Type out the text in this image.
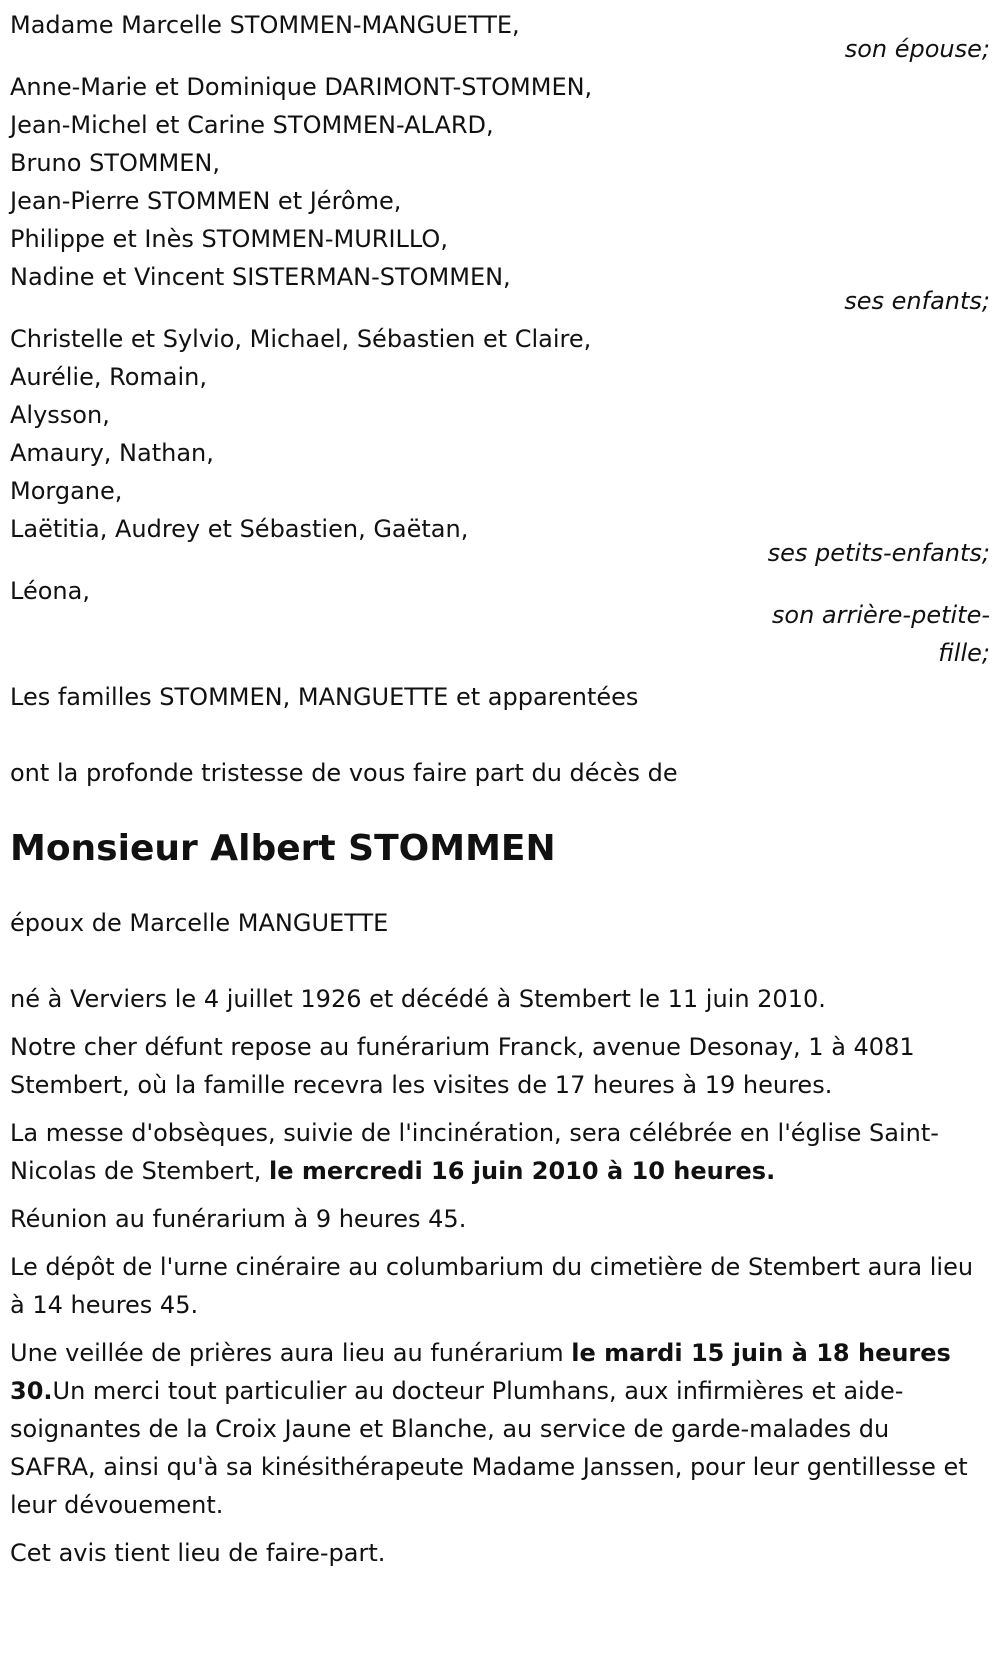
Madame Marcelle STOMMEN-MANGUETTE,
son épouse;
Anne-Marie et Dominique DARIMONT-STOMMEN,
Jean-Michel et Carine STOMMEN-ALARD,
Bruno STOMMEN,
Jean-Pierre STOMMEN et Jérôme,
Philippe et Inès STOMMEN-MURILLO,
Nadine et Vincent SISTERMAN-STOMMEN,
ses enfants;
Christelle et Sylvio, Michael, Sébastien et Claire,
Aurélie, Romain,
Alysson,
Amaury, Nathan,
Morgane,
Laëtitia, Audrey et Sébastien, Gaëtan,
ses petits-enfants;
Léona,
son arrière-petite-
fille;
Les familles STOMMEN, MANGUETTE et apparentées
ont la profonde tristesse de vous faire part du décès de
Monsieur Albert STOMMEN
époux de Marcelle MANGUETTE
né à Verviers le 4 juillet 1926 et décédé à Stembert le 11 juin 2010.
Notre cher défunt repose au funérarium Franck, avenue Desonay, 1 à 4081 Stembert, où la famille recevra les visites de 17 heures à 19 heures.
La messe d'obsèques, suivie de l'incinération, sera célébrée en l'église Saint-Nicolas de Stembert, le mercredi 16 juin 2010 à 10 heures.
Réunion au funérarium à 9 heures 45.
Le dépôt de l'urne cinéraire au columbarium du cimetière de Stembert aura lieu à 14 heures 45.
Une veillée de prières aura lieu au funérarium le mardi 15 juin à 18 heures 30.Un merci tout particulier au docteur Plumhans, aux infirmières et aide-soignantes de la Croix Jaune et Blanche, au service de garde-malades du SAFRA, ainsi qu'à sa kinésithérapeute Madame Janssen, pour leur gentillesse et leur dévouement.
Cet avis tient lieu de faire-part.
